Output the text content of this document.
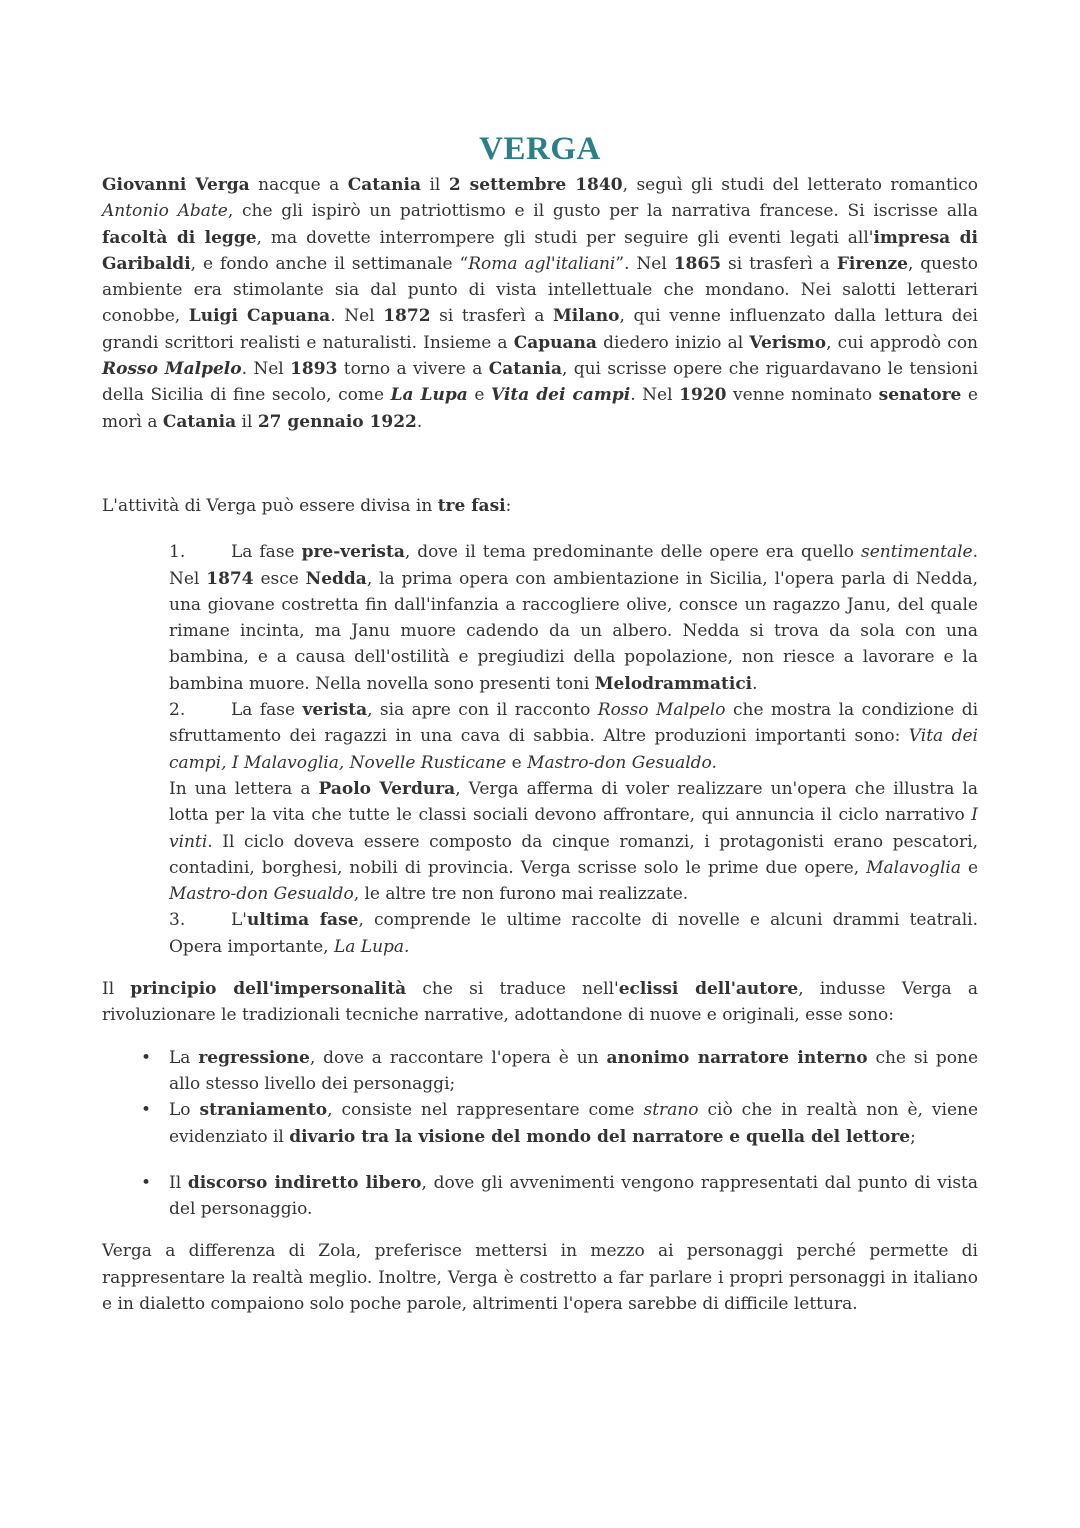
VERGA

Giovanni Verga nacque a Catania il 2 settembre 1840, seguì gli studi del letterato romantico Antonio Abate, che gli ispirò un patriottismo e il gusto per la narrativa francese. Si iscrisse alla facoltà di legge, ma dovette interrompere gli studi per seguire gli eventi legati all'impresa di Garibaldi, e fondo anche il settimanale “Roma agl'italiani”. Nel 1865 si trasferì a Firenze, questo ambiente era stimolante sia dal punto di vista intellettuale che mondano. Nei salotti letterari conobbe, Luigi Capuana. Nel 1872 si trasferì a Milano, qui venne influenzato dalla lettura dei grandi scrittori realisti e naturalisti. Insieme a Capuana diedero inizio al Verismo, cui approdò con Rosso Malpelo. Nel 1893 torno a vivere a Catania, qui scrisse opere che riguardavano le tensioni della Sicilia di fine secolo, come La Lupa e Vita dei campi. Nel 1920 venne nominato senatore e morì a Catania il 27 gennaio 1922.

L'attività di Verga può essere divisa in tre fasi:

1.	La fase pre-verista, dove il tema predominante delle opere era quello sentimentale. Nel 1874 esce Nedda, la prima opera con ambientazione in Sicilia, l'opera parla di Nedda, una giovane costretta fin dall'infanzia a raccogliere olive, consce un ragazzo Janu, del quale rimane incinta, ma Janu muore cadendo da un albero. Nedda si trova da sola con una bambina, e a causa dell'ostilità e pregiudizi della popolazione, non riesce a lavorare e la bambina muore. Nella novella sono presenti toni Melodrammatici.
2.	La fase verista, sia apre con il racconto Rosso Malpelo che mostra la condizione di sfruttamento dei ragazzi in una cava di sabbia. Altre produzioni importanti sono: Vita dei campi, I Malavoglia, Novelle Rusticane e Mastro-don Gesualdo.
In una lettera a Paolo Verdura, Verga afferma di voler realizzare un'opera che illustra la lotta per la vita che tutte le classi sociali devono affrontare, qui annuncia il ciclo narrativo I vinti. Il ciclo doveva essere composto da cinque romanzi, i protagonisti erano pescatori, contadini, borghesi, nobili di provincia. Verga scrisse solo le prime due opere, Malavoglia e Mastro-don Gesualdo, le altre tre non furono mai realizzate.
3.	L'ultima fase, comprende le ultime raccolte di novelle e alcuni drammi teatrali. Opera importante, La Lupa.

Il principio dell'impersonalità che si traduce nell'eclissi dell'autore, indusse Verga a rivoluzionare le tradizionali tecniche narrative, adottandone di nuove e originali, esse sono:

• La regressione, dove a raccontare l'opera è un anonimo narratore interno che si pone allo stesso livello dei personaggi;
• Lo straniamento, consiste nel rappresentare come strano ciò che in realtà non è, viene evidenziato il divario tra la visione del mondo del narratore e quella del lettore;
• Il discorso indiretto libero, dove gli avvenimenti vengono rappresentati dal punto di vista del personaggio.

Verga a differenza di Zola, preferisce mettersi in mezzo ai personaggi perché permette di rappresentare la realtà meglio. Inoltre, Verga è costretto a far parlare i propri personaggi in italiano e in dialetto compaiono solo poche parole, altrimenti l'opera sarebbe di difficile lettura.
